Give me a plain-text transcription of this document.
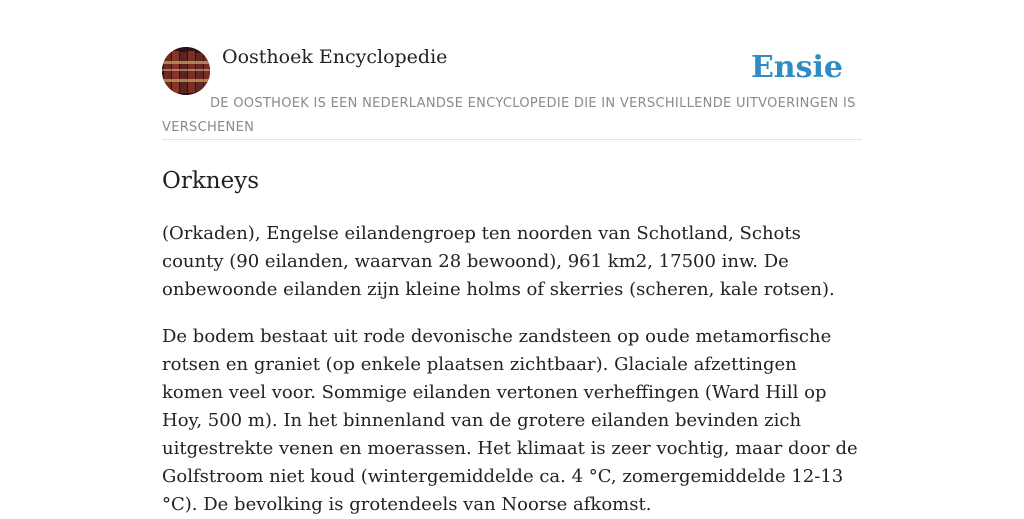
Oosthoek Encyclopedie	Ensie
DE OOSTHOEK IS EEN NEDERLANDSE ENCYCLOPEDIE DIE IN VERSCHILLENDE UITVOERINGEN IS VERSCHENEN
Orkneys

(Orkaden), Engelse eilandengroep ten noorden van Schotland, Schots county (90 eilanden, waarvan 28 bewoond), 961 km2, 17500 inw. De onbewoonde eilanden zijn kleine holms of skerries (scheren, kale rotsen).

De bodem bestaat uit rode devonische zandsteen op oude metamorfische rotsen en graniet (op enkele plaatsen zichtbaar). Glaciale afzettingen komen veel voor. Sommige eilanden vertonen verheffingen (Ward Hill op Hoy, 500 m). In het binnenland van de grotere eilanden bevinden zich uitgestrekte venen en moerassen. Het klimaat is zeer vochtig, maar door de Golfstroom niet koud (wintergemiddelde ca. 4 °C, zomergemiddelde 12-13 °C). De bevolking is grotendeels van Noorse afkomst.
